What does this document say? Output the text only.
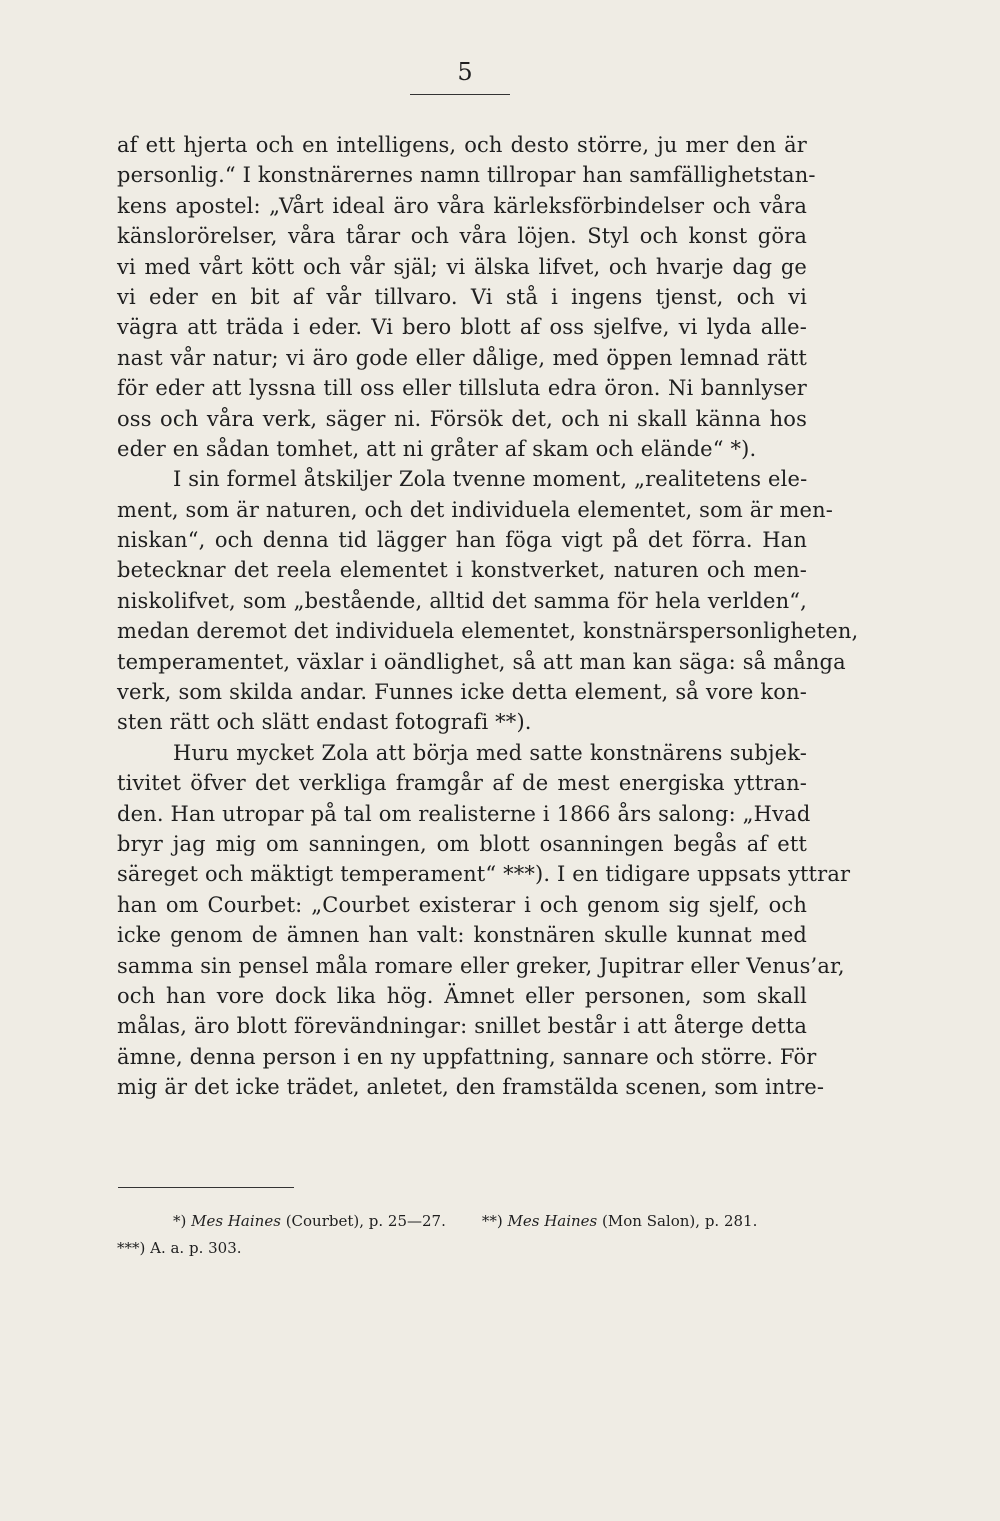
5
af ett hjerta och en intelligens, och desto större, ju mer den är
personlig.“ I konstnärernes namn tillropar han samfällighetstan-
kens apostel: „Vårt ideal äro våra kärleksförbindelser och våra
känslorörelser, våra tårar och våra löjen. Styl och konst göra
vi med vårt kött och vår själ; vi älska lifvet, och hvarje dag ge
vi eder en bit af vår tillvaro. Vi stå i ingens tjenst, och vi
vägra att träda i eder. Vi bero blott af oss sjelfve, vi lyda alle-
nast vår natur; vi äro gode eller dålige, med öppen lemnad rätt
för eder att lyssna till oss eller tillsluta edra öron. Ni bannlyser
oss och våra verk, säger ni. Försök det, och ni skall känna hos
eder en sådan tomhet, att ni gråter af skam och elände“ *).
I sin formel åtskiljer Zola tvenne moment, „realitetens ele-
ment, som är naturen, och det individuela elementet, som är men-
niskan“, och denna tid lägger han föga vigt på det förra. Han
betecknar det reela elementet i konstverket, naturen och men-
niskolifvet, som „bestående, alltid det samma för hela verlden“,
medan deremot det individuela elementet, konstnärspersonligheten,
temperamentet, växlar i oändlighet, så att man kan säga: så många
verk, som skilda andar. Funnes icke detta element, så vore kon-
sten rätt och slätt endast fotografi **).
Huru mycket Zola att börja med satte konstnärens subjek-
tivitet öfver det verkliga framgår af de mest energiska yttran-
den. Han utropar på tal om realisterne i 1866 års salong: „Hvad
bryr jag mig om sanningen, om blott osanningen begås af ett
säreget och mäktigt temperament“ ***). I en tidigare uppsats yttrar
han om Courbet: „Courbet existerar i och genom sig sjelf, och
icke genom de ämnen han valt: konstnären skulle kunnat med
samma sin pensel måla romare eller greker, Jupitrar eller Venus’ar,
och han vore dock lika hög. Ämnet eller personen, som skall
målas, äro blott förevändningar: snillet består i att återge detta
ämne, denna person i en ny uppfattning, sannare och större. För
mig är det icke trädet, anletet, den framstälda scenen, som intre-
*) Mes Haines (Courbet), p. 25—27. **) Mes Haines (Mon Salon), p. 281.
***) A. a. p. 303.
